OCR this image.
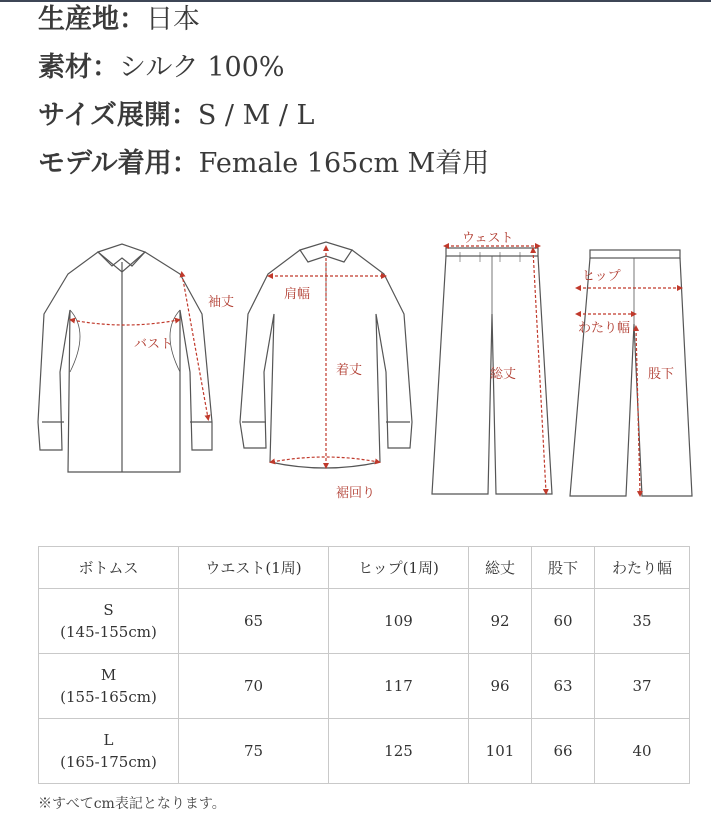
生産地：日本
素材：シルク 100%
サイズ展開：S / M / L
モデル着用：Female 165cm M着用
バスト
袖丈
肩幅
着丈
裾回り
ウェスト
総丈
ヒップ
わたり幅
股下
ボトムス	ウエスト(1周)	ヒップ(1周)	総丈	股下	わたり幅

S
(145-155cm)	65	109	92	60	35

M
(155-165cm)	70	117	96	63	37

L
(165-175cm)	75	125	101	66	40
※すべてcm表記となります。
